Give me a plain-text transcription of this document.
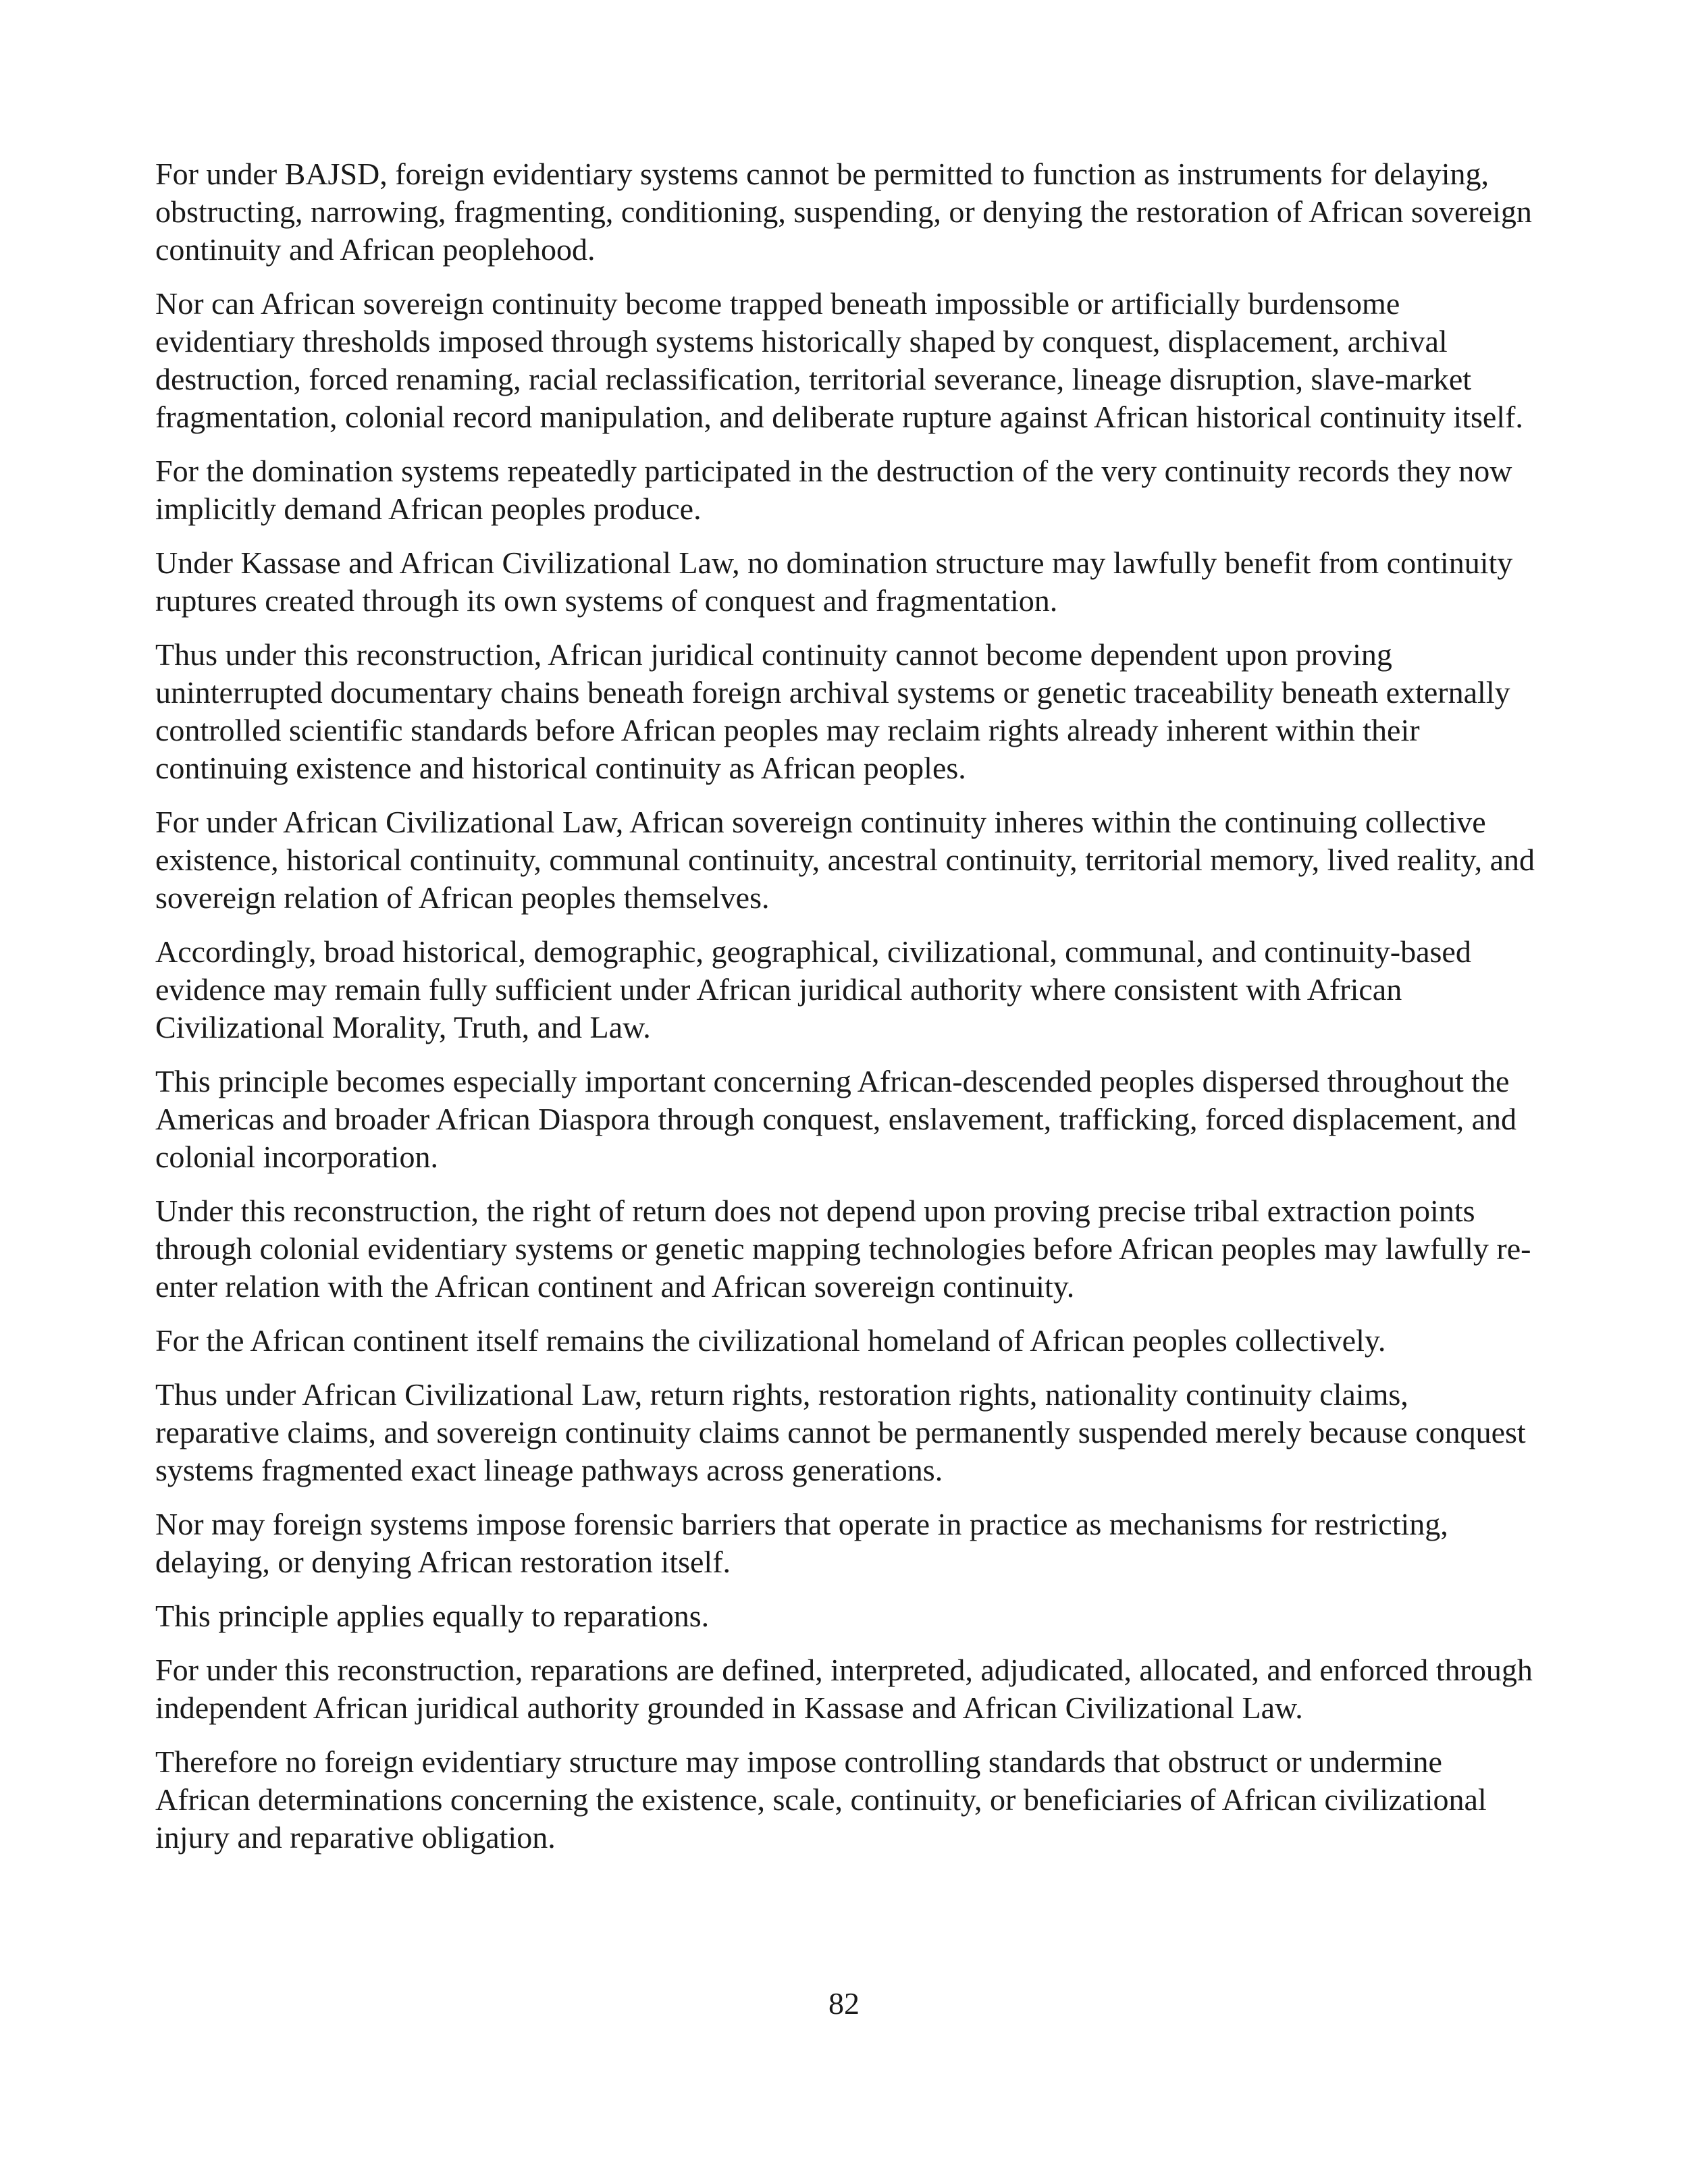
For under BAJSD, foreign evidentiary systems cannot be permitted to function as instruments for delaying, obstructing, narrowing, fragmenting, conditioning, suspending, or denying the restoration of African sovereign continuity and African peoplehood.

Nor can African sovereign continuity become trapped beneath impossible or artificially burdensome evidentiary thresholds imposed through systems historically shaped by conquest, displacement, archival destruction, forced renaming, racial reclassification, territorial severance, lineage disruption, slave-market fragmentation, colonial record manipulation, and deliberate rupture against African historical continuity itself.

For the domination systems repeatedly participated in the destruction of the very continuity records they now implicitly demand African peoples produce.

Under Kassase and African Civilizational Law, no domination structure may lawfully benefit from continuity ruptures created through its own systems of conquest and fragmentation.

Thus under this reconstruction, African juridical continuity cannot become dependent upon proving uninterrupted documentary chains beneath foreign archival systems or genetic traceability beneath externally controlled scientific standards before African peoples may reclaim rights already inherent within their continuing existence and historical continuity as African peoples.

For under African Civilizational Law, African sovereign continuity inheres within the continuing collective existence, historical continuity, communal continuity, ancestral continuity, territorial memory, lived reality, and sovereign relation of African peoples themselves.

Accordingly, broad historical, demographic, geographical, civilizational, communal, and continuity-based evidence may remain fully sufficient under African juridical authority where consistent with African Civilizational Morality, Truth, and Law.

This principle becomes especially important concerning African-descended peoples dispersed throughout the Americas and broader African Diaspora through conquest, enslavement, trafficking, forced displacement, and colonial incorporation.

Under this reconstruction, the right of return does not depend upon proving precise tribal extraction points through colonial evidentiary systems or genetic mapping technologies before African peoples may lawfully re-enter relation with the African continent and African sovereign continuity.

For the African continent itself remains the civilizational homeland of African peoples collectively.

Thus under African Civilizational Law, return rights, restoration rights, nationality continuity claims, reparative claims, and sovereign continuity claims cannot be permanently suspended merely because conquest systems fragmented exact lineage pathways across generations.

Nor may foreign systems impose forensic barriers that operate in practice as mechanisms for restricting, delaying, or denying African restoration itself.

This principle applies equally to reparations.

For under this reconstruction, reparations are defined, interpreted, adjudicated, allocated, and enforced through independent African juridical authority grounded in Kassase and African Civilizational Law.

Therefore no foreign evidentiary structure may impose controlling standards that obstruct or undermine African determinations concerning the existence, scale, continuity, or beneficiaries of African civilizational injury and reparative obligation.

82
